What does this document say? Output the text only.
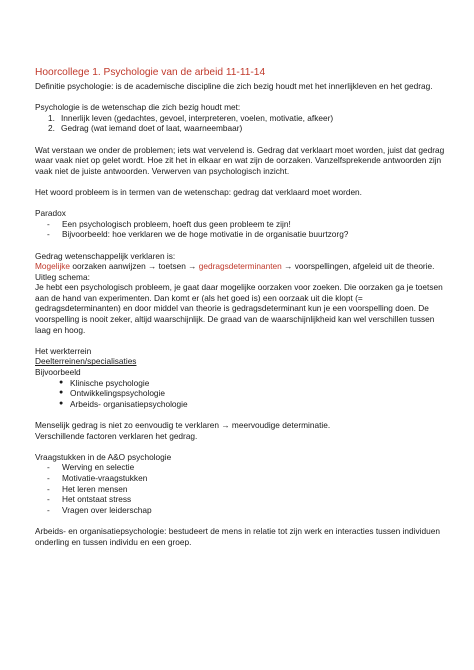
Hoorcollege 1. Psychologie van de arbeid 11-11-14

Definitie psychologie: is de academische discipline die zich bezig houdt met het innerlijkleven en het gedrag.

Psychologie is de wetenschap die zich bezig houdt met:

1. Innerlijk leven (gedachtes, gevoel, interpreteren, voelen, motivatie, afkeer)
2. Gedrag (wat iemand doet of laat, waarneembaar)

Wat verstaan we onder de problemen; iets wat vervelend is. Gedrag dat verklaart moet worden, juist dat gedrag waar vaak niet op gelet wordt. Hoe zit het in elkaar en wat zijn de oorzaken. Vanzelfsprekende antwoorden zijn vaak niet de juiste antwoorden. Verwerven van psychologisch inzicht.

Het woord probleem is in termen van de wetenschap: gedrag dat verklaard moet worden.

Paradox

- Een psychologisch probleem, hoeft dus geen probleem te zijn!
- Bijvoorbeeld: hoe verklaren we de hoge motivatie in de organisatie buurtzorg?

Gedrag wetenschappelijk verklaren is:

Mogelijke oorzaken aanwijzen → toetsen → gedragsdeterminanten → voorspellingen, afgeleid uit de theorie.

Uitleg schema:

Je hebt een psychologisch probleem, je gaat daar mogelijke oorzaken voor zoeken. Die oorzaken ga je toetsen aan de hand van experimenten. Dan komt er (als het goed is) een oorzaak uit die klopt (= gedragsdeterminanten) en door middel van theorie is gedragsdeterminant kun je een voorspelling doen. De voorspelling is nooit zeker, altijd waarschijnlijk. De graad van de waarschijnlijkheid kan wel verschillen tussen laag en hoog.

Het werkterrein

Deelterreinen/specialisaties

Bijvoorbeeld

● Klinische psychologie
● Ontwikkelingspsychologie
● Arbeids- organisatiepsychologie

Menselijk gedrag is niet zo eenvoudig te verklaren → meervoudige determinatie.

Verschillende factoren verklaren het gedrag.

Vraagstukken in de A&O psychologie

- Werving en selectie
- Motivatie-vraagstukken
- Het leren mensen
- Het ontstaat stress
- Vragen over leiderschap

Arbeids- en organisatiepsychologie: bestudeert de mens in relatie tot zijn werk en interacties tussen individuen onderling en tussen individu en een groep.
